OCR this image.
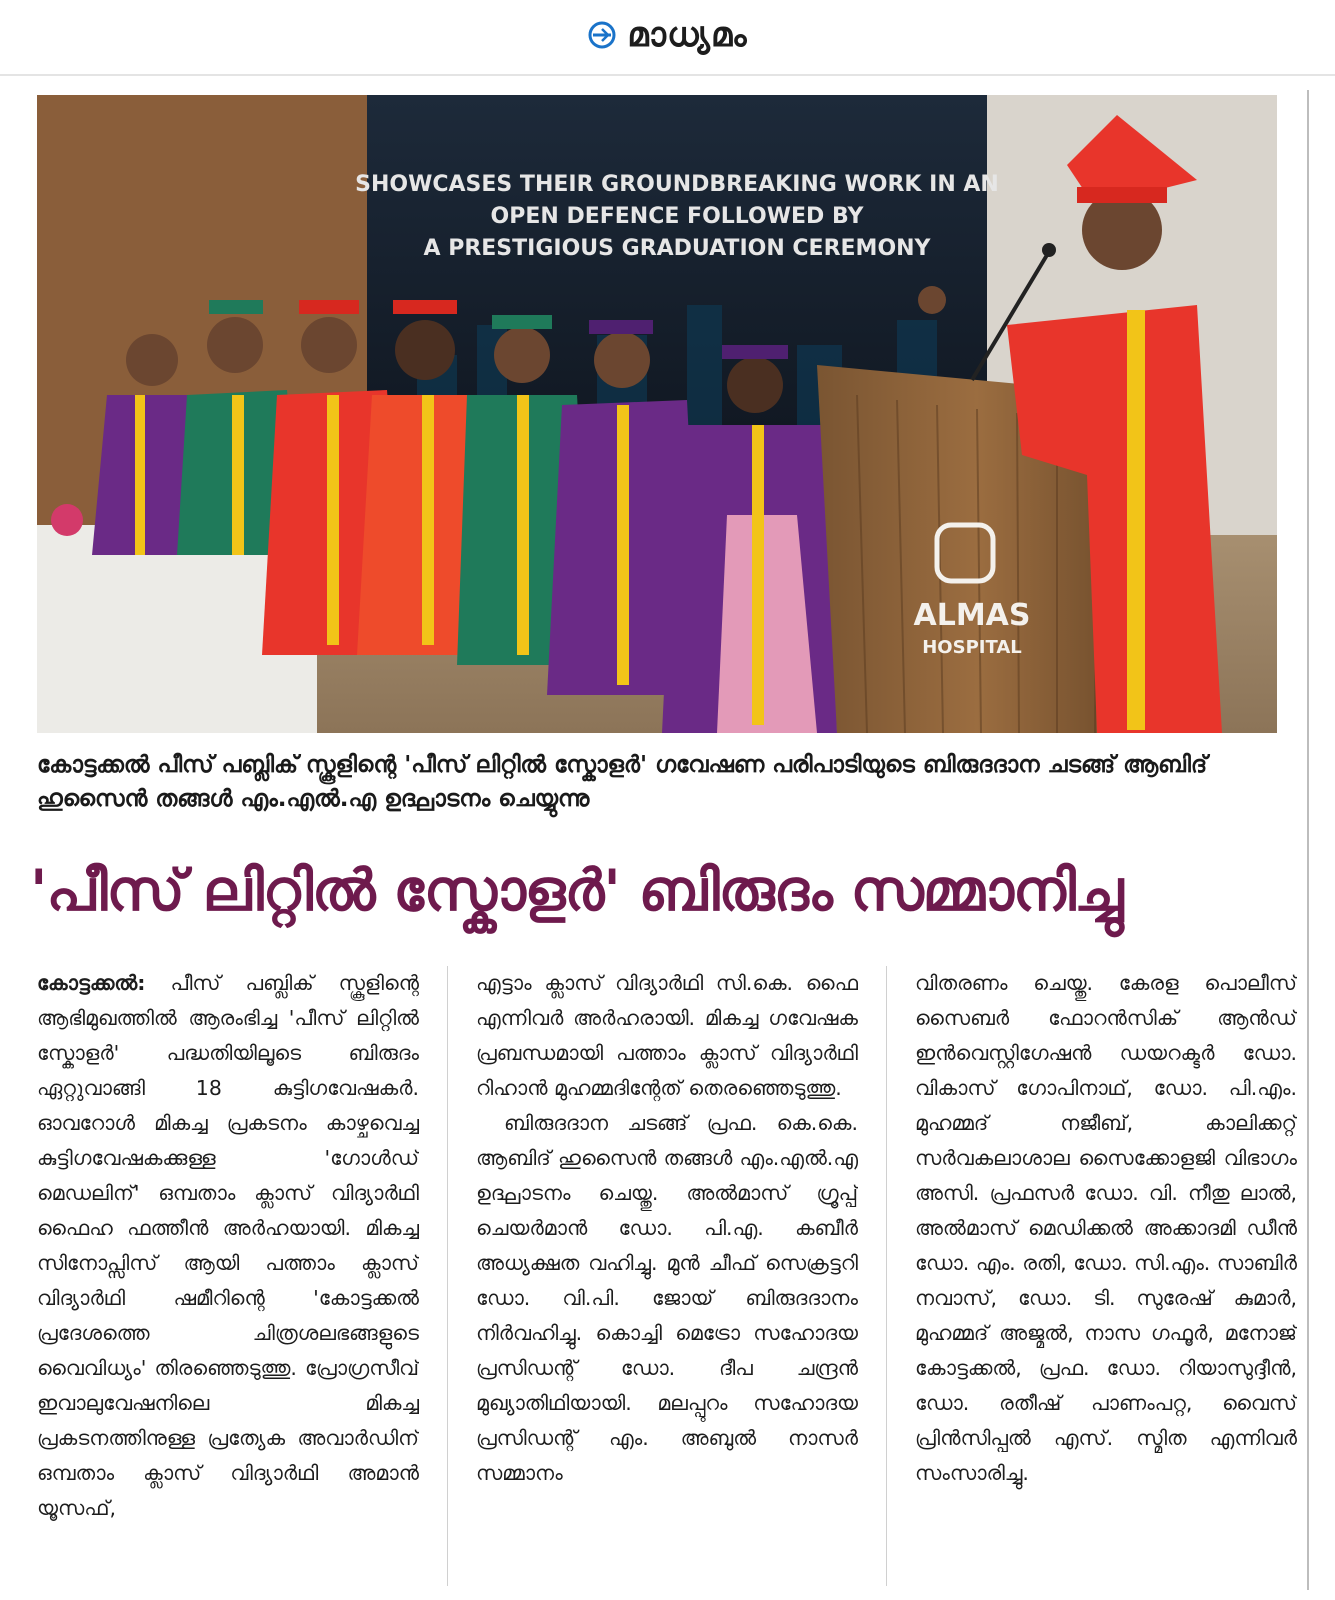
മാധ്യമം
SHOWCASES THEIR GROUNDBREAKING WORK IN AN
OPEN DEFENCE FOLLOWED BY
A PRESTIGIOUS GRADUATION CEREMONY
ALMAS
HOSPITAL
കോട്ടക്കൽ പീസ് പബ്ലിക് സ്കൂളിന്റെ 'പീസ് ലിറ്റിൽ സ്കോളർ' ഗവേഷണ പരിപാടിയുടെ ബിരുദദാന ചടങ്ങ് ആബിദ് ഹുസൈൻ തങ്ങൾ എം.എൽ.എ ഉദ്ഘാടനം ചെയ്യുന്നു
'പീസ് ലിറ്റിൽ സ്കോളർ' ബിരുദം സമ്മാനിച്ചു

കോട്ടക്കൽ: പീസ് പബ്ലിക് സ്കൂളിന്റെ ആഭിമുഖത്തിൽ ആരംഭിച്ച 'പീസ് ലിറ്റിൽ സ്കോളർ' പദ്ധതിയിലൂടെ ബിരുദം ഏറ്റുവാങ്ങി 18 കുട്ടിഗവേഷകർ. ഓവറോൾ മികച്ച പ്രകടനം കാഴ്ചവെച്ച കുട്ടിഗവേഷകക്കുള്ള 'ഗോൾഡ് മെഡലിന്' ഒമ്പതാം ക്ലാസ് വിദ്യാർഥി ഫൈഹ ഫത്തീൻ അർഹയായി. മികച്ച സിനോപ്സിസ് ആയി പത്താം ക്ലാസ് വിദ്യാർഥി ഷമീറിന്റെ 'കോട്ടക്കൽ പ്രദേശത്തെ ചിത്രശലഭങ്ങളുടെ വൈവിധ്യം' തിരഞ്ഞെടുത്തു. പ്രോഗ്രസീവ് ഇവാലുവേഷനിലെ മികച്ച പ്രകടനത്തിനുള്ള പ്രത്യേക അവാർഡിന് ഒമ്പതാം ക്ലാസ് വിദ്യാർഥി അമാൻ യൂസഫ്,

എട്ടാം ക്ലാസ് വിദ്യാർഥി സി.കെ. ഫൈ എന്നിവർ അർഹരായി. മികച്ച ഗവേഷക പ്രബന്ധമായി പത്താം ക്ലാസ് വിദ്യാർഥി റിഹാൻ മുഹമ്മദിന്റേത് തെരഞ്ഞെടുത്തു.

ബിരുദദാന ചടങ്ങ് പ്രഫ. കെ.കെ. ആബിദ് ഹുസൈൻ തങ്ങൾ എം.എൽ.എ ഉദ്ഘാടനം ചെയ്തു. അൽമാസ് ഗ്രൂപ്പ് ചെയർമാൻ ഡോ. പി.എ. കബീർ അധ്യക്ഷത വഹിച്ചു. മുൻ ചീഫ് സെക്രട്ടറി ഡോ. വി.പി. ജോയ് ബിരുദദാനം നിർവഹിച്ചു. കൊച്ചി മെട്രോ സഹോദയ പ്രസിഡന്റ് ഡോ. ദീപ ചന്ദ്രൻ മുഖ്യാതിഥിയായി. മലപ്പുറം സഹോദയ പ്രസിഡന്റ് എം. അബുൽ നാസർ സമ്മാനം

വിതരണം ചെയ്തു. കേരള പൊലീസ് സൈബർ ഫോറൻസിക് ആൻഡ് ഇൻവെസ്റ്റിഗേഷൻ ഡയറക്ടർ ഡോ. വികാസ് ഗോപിനാഥ്, ഡോ. പി.എം. മുഹമ്മദ് നജീബ്, കാലിക്കറ്റ് സർവകലാശാല സൈക്കോളജി വിഭാഗം അസി. പ്രഫസർ ഡോ. വി. നീതു ലാൽ, അൽമാസ് മെഡിക്കൽ അക്കാദമി ഡീൻ ഡോ. എം. രതി, ഡോ. സി.എം. സാബിർ നവാസ്, ഡോ. ടി. സുരേഷ് കുമാർ, മുഹമ്മദ് അജ്മൽ, നാസ ഗഫൂർ, മനോജ് കോട്ടക്കൽ, പ്രഫ. ഡോ. റിയാസുദ്ദീൻ, ഡോ. രതീഷ് പാണംപറ്റ, വൈസ് പ്രിൻസിപ്പൽ എസ്. സ്മിത എന്നിവർ സംസാരിച്ചു.
